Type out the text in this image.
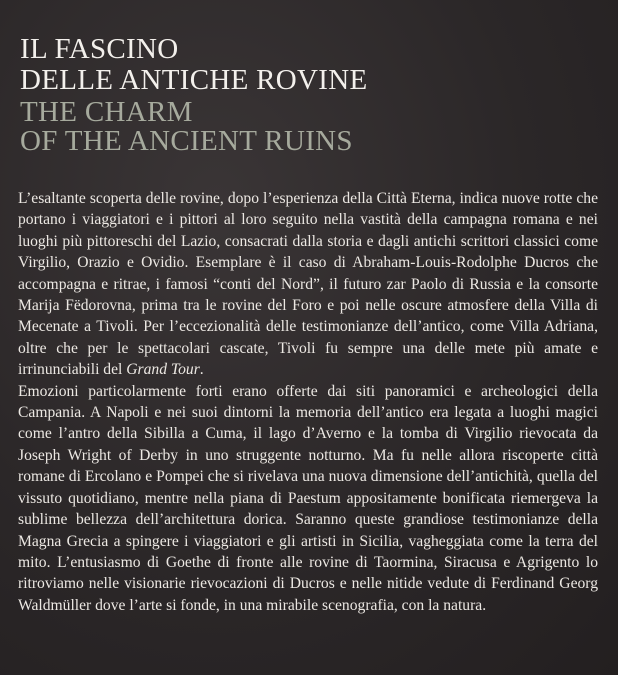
IL FASCINO
DELLE ANTICHE ROVINE
THE CHARM
OF THE ANCIENT RUINS

L’esaltante scoperta delle rovine, dopo l’esperienza della Città Eterna, indica nuove rotte che portano i viaggiatori e i pittori al loro seguito nella vastità della campagna romana e nei luoghi più pittoreschi del Lazio, consacrati dalla storia e dagli antichi scrittori classici come Virgilio, Orazio e Ovidio. Esemplare è il caso di Abraham-Louis-Rodolphe Ducros che accompagna e ritrae, i famosi “conti del Nord”, il futuro zar Paolo di Russia e la consorte Marija Fëdorovna, prima tra le rovine del Foro e poi nelle oscure atmosfere della Villa di Mecenate a Tivoli. Per l’eccezionalità delle testimonianze dell’antico, come Villa Adriana, oltre che per le spettacolari cascate, Tivoli fu sempre una delle mete più amate e irrinunciabili del Grand Tour.

Emozioni particolarmente forti erano offerte dai siti panoramici e archeologici della Campania. A Napoli e nei suoi dintorni la memoria dell’antico era legata a luoghi magici come l’antro della Sibilla a Cuma, il lago d’Averno e la tomba di Virgilio rievocata da Joseph Wright of Derby in uno struggente notturno. Ma fu nelle allora riscoperte città romane di Ercolano e Pompei che si rivelava una nuova dimensione dell’antichità, quella del vissuto quotidiano, mentre nella piana di Paestum appositamente bonificata riemergeva la sublime bellezza dell’architettura dorica. Saranno queste grandiose testimonianze della Magna Grecia a spingere i viaggiatori e gli artisti in Sicilia, vagheggiata come la terra del mito. L’entusiasmo di Goethe di fronte alle rovine di Taormina, Siracusa e Agrigento lo ritroviamo nelle visionarie rievocazioni di Ducros e nelle nitide vedute di Ferdinand Georg Waldmüller dove l’arte si fonde, in una mirabile scenografia, con la natura.
